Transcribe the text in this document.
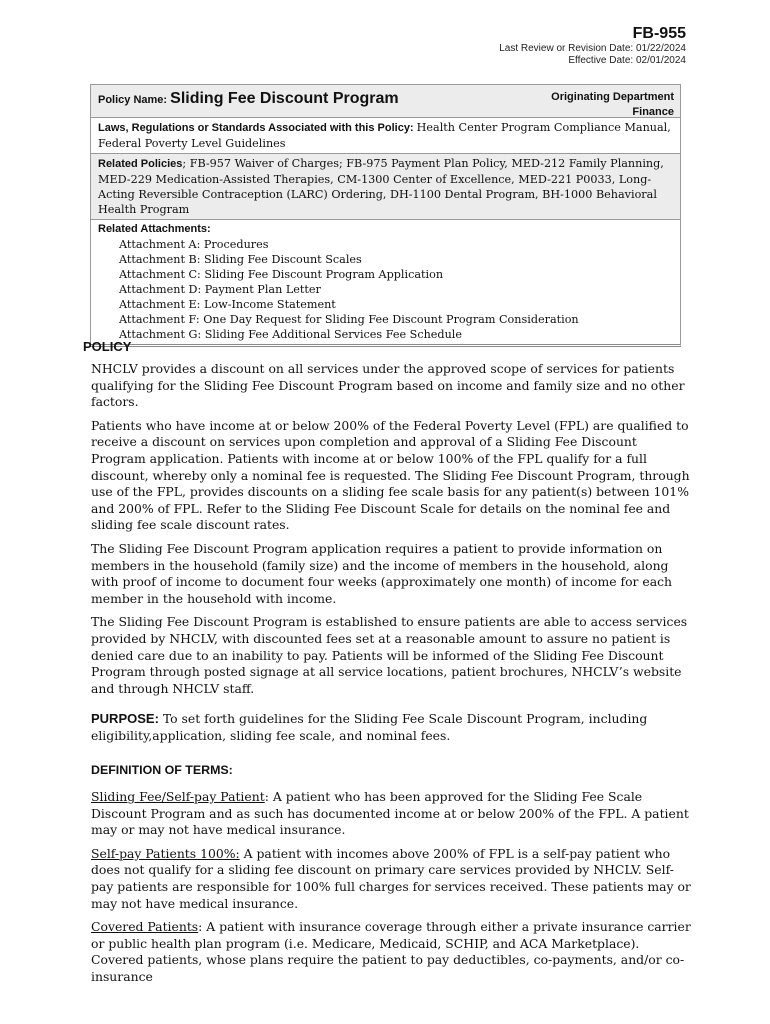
FB-955
Last Review or Revision Date: 01/22/2024
Effective Date: 02/01/2024
Policy Name: Sliding Fee Discount Program	Originating Department
Finance
Laws, Regulations or Standards Associated with this Policy: Health Center Program Compliance Manual, Federal Poverty Level Guidelines
Related Policies; FB-957 Waiver of Charges; FB-975 Payment Plan Policy, MED-212 Family Planning, MED-229 Medication-Assisted Therapies, CM-1300 Center of Excellence, MED-221 P0033, Long-Acting Reversible Contraception (LARC) Ordering, DH-1100 Dental Program, BH-1000 Behavioral Health Program
Related Attachments:
Attachment A: Procedures
Attachment B: Sliding Fee Discount Scales
Attachment C: Sliding Fee Discount Program Application
Attachment D: Payment Plan Letter
Attachment E: Low-Income Statement
Attachment F: One Day Request for Sliding Fee Discount Program Consideration
Attachment G: Sliding Fee Additional Services Fee Schedule
POLICY

NHCLV provides a discount on all services under the approved scope of services for patients qualifying for the Sliding Fee Discount Program based on income and family size and no other factors.

Patients who have income at or below 200% of the Federal Poverty Level (FPL) are qualified to receive a discount on services upon completion and approval of a Sliding Fee Discount Program application. Patients with income at or below 100% of the FPL qualify for a full discount, whereby only a nominal fee is requested. The Sliding Fee Discount Program, through use of the FPL, provides discounts on a sliding fee scale basis for any patient(s) between 101% and 200% of FPL. Refer to the Sliding Fee Discount Scale for details on the nominal fee and sliding fee scale discount rates.

The Sliding Fee Discount Program application requires a patient to provide information on members in the household (family size) and the income of members in the household, along with proof of income to document four weeks (approximately one month) of income for each member in the household with income.

The Sliding Fee Discount Program is established to ensure patients are able to access services provided by NHCLV, with discounted fees set at a reasonable amount to assure no patient is denied care due to an inability to pay. Patients will be informed of the Sliding Fee Discount Program through posted signage at all service locations, patient brochures, NHCLV’s website and through NHCLV staff.

PURPOSE: To set forth guidelines for the Sliding Fee Scale Discount Program, including eligibility,application, sliding fee scale, and nominal fees.

DEFINITION OF TERMS:

Sliding Fee/Self-pay Patient: A patient who has been approved for the Sliding Fee Scale Discount Program and as such has documented income at or below 200% of the FPL. A patient may or may not have medical insurance.

Self-pay Patients 100%: A patient with incomes above 200% of FPL is a self-pay patient who does not qualify for a sliding fee discount on primary care services provided by NHCLV. Self-pay patients are responsible for 100% full charges for services received. These patients may or may not have medical insurance.

Covered Patients: A patient with insurance coverage through either a private insurance carrier or public health plan program (i.e. Medicare, Medicaid, SCHIP, and ACA Marketplace). Covered patients, whose plans require the patient to pay deductibles, co-payments, and/or co-insurance
